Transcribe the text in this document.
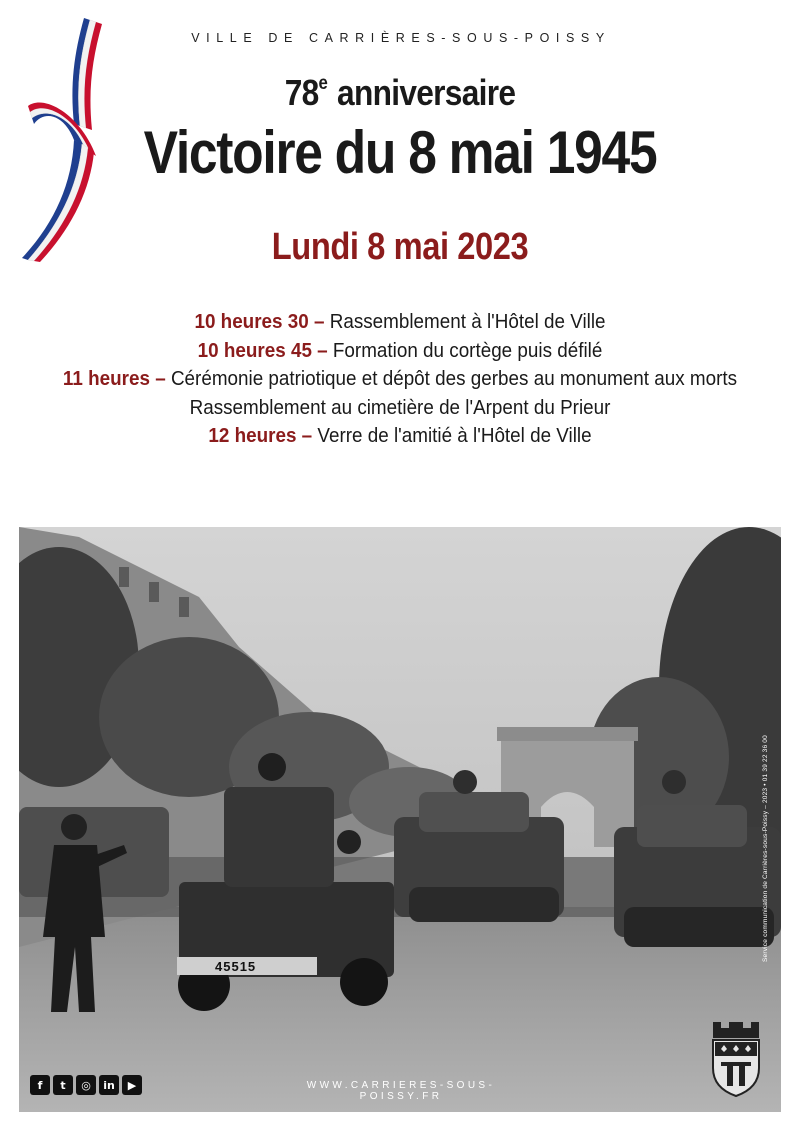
VILLE DE CARRIÈRES-SOUS-POISSY
78e anniversaire
Victoire du 8 mai 1945
Lundi 8 mai 2023
10 heures 30 – Rassemblement à l'Hôtel de Ville
10 heures 45 – Formation du cortège puis défilé
11 heures – Cérémonie patriotique et dépôt des gerbes au monument aux morts
Rassemblement au cimetière de l'Arpent du Prieur
12 heures – Verre de l'amitié à l'Hôtel de Ville
45515
Service communication de Carrières-sous-Poissy – 2023 • 01 39 22 36 00
f	t	◎	in	▶	WWW.CARRIERES-SOUS-POISSY.FR
